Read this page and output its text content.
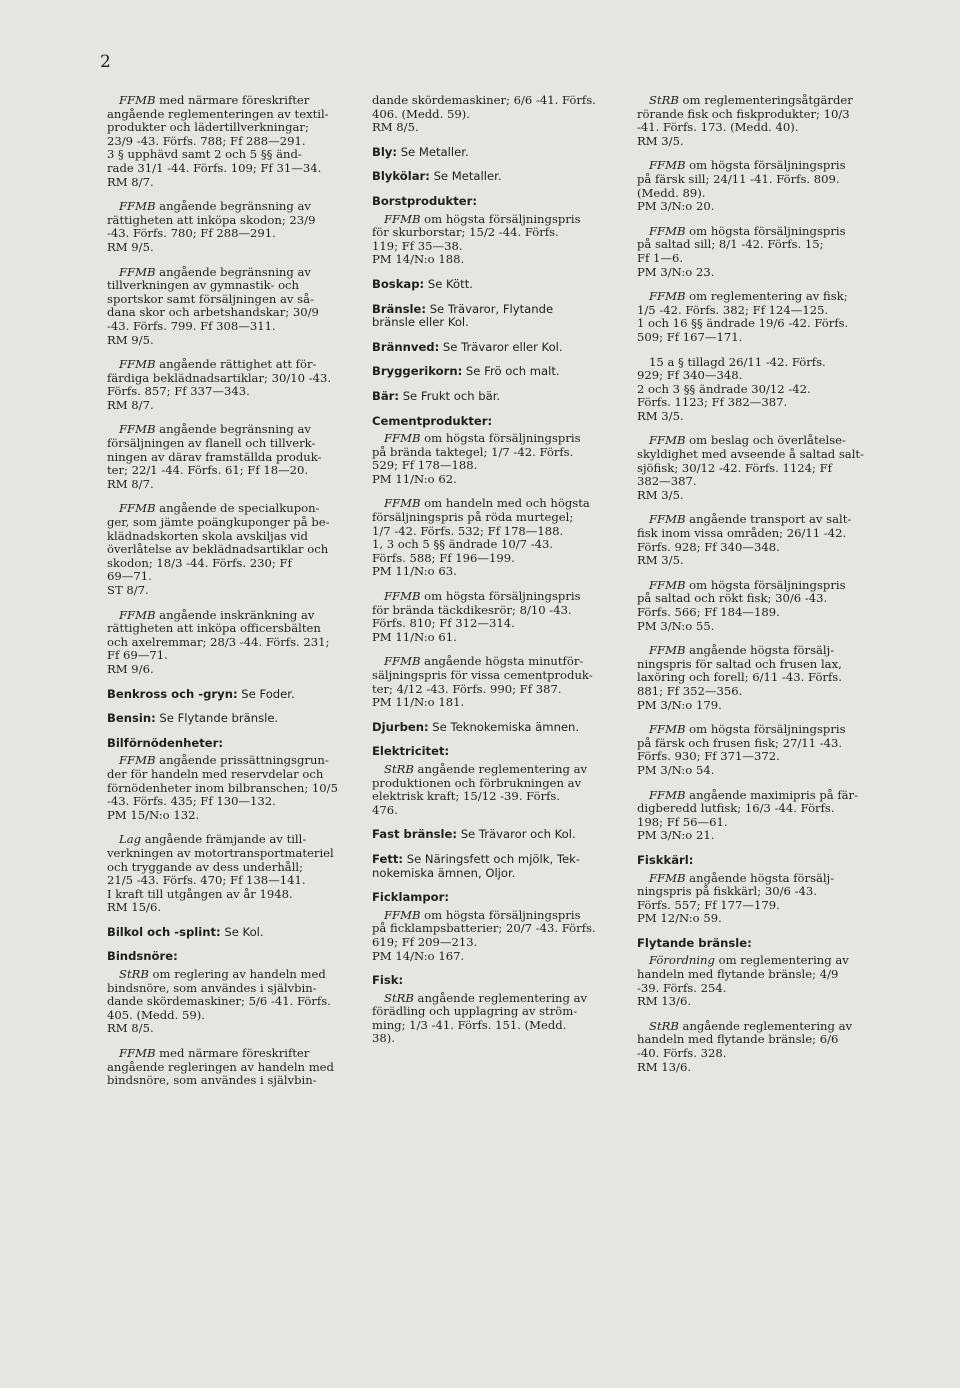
2
FFMB med närmare föreskrifter
angående reglementeringen av textil-
produkter och lädertillverkningar;
23/9 -43. Förfs. 788; Ff 288—291.
3 § upphävd samt 2 och 5 §§ änd-
rade 31/1 -44. Förfs. 109; Ff 31—34.
RM 8/7.
FFMB angående begränsning av
rättigheten att inköpa skodon; 23/9
-43. Förfs. 780; Ff 288—291.
RM 9/5.
FFMB angående begränsning av
tillverkningen av gymnastik- och
sportskor samt försäljningen av så-
dana skor och arbetshandskar; 30/9
-43. Förfs. 799. Ff 308—311.
RM 9/5.
FFMB angående rättighet att för-
färdiga beklädnadsartiklar; 30/10 -43.
Förfs. 857; Ff 337—343.
RM 8/7.
FFMB angående begränsning av
försäljningen av flanell och tillverk-
ningen av därav framställda produk-
ter; 22/1 -44. Förfs. 61; Ff 18—20.
RM 8/7.
FFMB angående de specialkupon-
ger, som jämte poängkuponger på be-
klädnadskorten skola avskiljas vid
överlåtelse av beklädnadsartiklar och
skodon; 18/3 -44. Förfs. 230; Ff
69—71.
ST 8/7.
FFMB angående inskränkning av
rättigheten att inköpa officersbälten
och axelremmar; 28/3 -44. Förfs. 231;
Ff 69—71.
RM 9/6.
Benkross och -gryn: Se Foder.
Bensin: Se Flytande bränsle.
Bilförnödenheter:
FFMB angående prissättningsgrun-
der för handeln med reservdelar och
förnödenheter inom bilbranschen; 10/5
-43. Förfs. 435; Ff 130—132.
PM 15/N:o 132.
Lag angående främjande av till-
verkningen av motortransportmateriel
och tryggande av dess underhåll;
21/5 -43. Förfs. 470; Ff 138—141.
I kraft till utgången av år 1948.
RM 15/6.
Bilkol och -splint: Se Kol.
Bindsnöre:
StRB om reglering av handeln med
bindsnöre, som användes i självbin-
dande skördemaskiner; 5/6 -41. Förfs.
405. (Medd. 59).
RM 8/5.
FFMB med närmare föreskrifter
angående regleringen av handeln med
bindsnöre, som användes i självbin-
dande skördemaskiner; 6/6 -41. Förfs.
406. (Medd. 59).
RM 8/5.
Bly: Se Metaller.
Blykölar: Se Metaller.
Borstprodukter:
FFMB om högsta försäljningspris
för skurborstar; 15/2 -44. Förfs.
119; Ff 35—38.
PM 14/N:o 188.
Boskap: Se Kött.
Bränsle: Se Trävaror, Flytande
bränsle eller Kol.
Brännved: Se Trävaror eller Kol.
Bryggerikorn: Se Frö och malt.
Bär: Se Frukt och bär.
Cementprodukter:
FFMB om högsta försäljningspris
på brända taktegel; 1/7 -42. Förfs.
529; Ff 178—188.
PM 11/N:o 62.
FFMB om handeln med och högsta
försäljningspris på röda murtegel;
1/7 -42. Förfs. 532; Ff 178—188.
1, 3 och 5 §§ ändrade 10/7 -43.
Förfs. 588; Ff 196—199.
PM 11/N:o 63.
FFMB om högsta försäljningspris
för brända täckdikesrör; 8/10 -43.
Förfs. 810; Ff 312—314.
PM 11/N:o 61.
FFMB angående högsta minutför-
säljningspris för vissa cementproduk-
ter; 4/12 -43. Förfs. 990; Ff 387.
PM 11/N:o 181.
Djurben: Se Teknokemiska ämnen.
Elektricitet:
StRB angående reglementering av
produktionen och förbrukningen av
elektrisk kraft; 15/12 -39. Förfs.
476.
Fast bränsle: Se Trävaror och Kol.
Fett: Se Näringsfett och mjölk, Tek-
nokemiska ämnen, Oljor.
Ficklampor:
FFMB om högsta försäljningspris
på ficklampsbatterier; 20/7 -43. Förfs.
619; Ff 209—213.
PM 14/N:o 167.
Fisk:
StRB angående reglementering av
förädling och upplagring av ström-
ming; 1/3 -41. Förfs. 151. (Medd.
38).
StRB om reglementeringsåtgärder
rörande fisk och fiskprodukter; 10/3
-41. Förfs. 173. (Medd. 40).
RM 3/5.
FFMB om högsta försäljningspris
på färsk sill; 24/11 -41. Förfs. 809.
(Medd. 89).
PM 3/N:o 20.
FFMB om högsta försäljningspris
på saltad sill; 8/1 -42. Förfs. 15;
Ff 1—6.
PM 3/N:o 23.
FFMB om reglementering av fisk;
1/5 -42. Förfs. 382; Ff 124—125.
1 och 16 §§ ändrade 19/6 -42. Förfs.
509; Ff 167—171.
15 a § tillagd 26/11 -42. Förfs.
929; Ff 340—348.
2 och 3 §§ ändrade 30/12 -42.
Förfs. 1123; Ff 382—387.
RM 3/5.
FFMB om beslag och överlåtelse-
skyldighet med avseende å saltad salt-
sjöfisk; 30/12 -42. Förfs. 1124; Ff
382—387.
RM 3/5.
FFMB angående transport av salt-
fisk inom vissa områden; 26/11 -42.
Förfs. 928; Ff 340—348.
RM 3/5.
FFMB om högsta försäljningspris
på saltad och rökt fisk; 30/6 -43.
Förfs. 566; Ff 184—189.
PM 3/N:o 55.
FFMB angående högsta försälj-
ningspris för saltad och frusen lax,
laxöring och forell; 6/11 -43. Förfs.
881; Ff 352—356.
PM 3/N:o 179.
FFMB om högsta försäljningspris
på färsk och frusen fisk; 27/11 -43.
Förfs. 930; Ff 371—372.
PM 3/N:o 54.
FFMB angående maximipris på fär-
digberedd lutfisk; 16/3 -44. Förfs.
198; Ff 56—61.
PM 3/N:o 21.
Fiskkärl:
FFMB angående högsta försälj-
ningspris på fiskkärl; 30/6 -43.
Förfs. 557; Ff 177—179.
PM 12/N:o 59.
Flytande bränsle:
Förordning om reglementering av
handeln med flytande bränsle; 4/9
-39. Förfs. 254.
RM 13/6.
StRB angående reglementering av
handeln med flytande bränsle; 6/6
-40. Förfs. 328.
RM 13/6.
